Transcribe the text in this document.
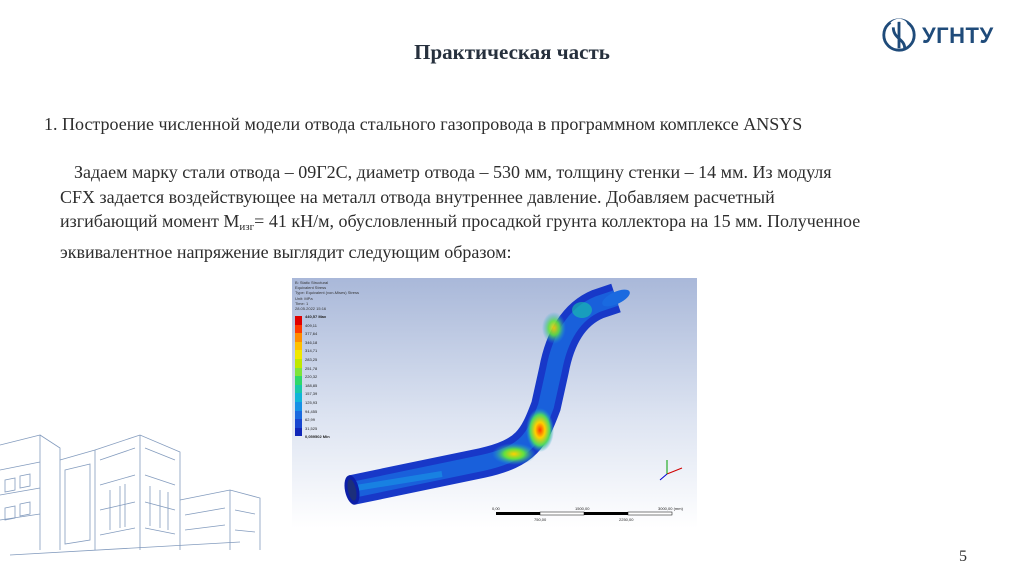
Практическая часть
УГНТУ
1. Построение численной модели отвода стального газопровода в программном комплексе ANSYS
Задаем марку стали отвода – 09Г2С, диаметр отвода – 530 мм, толщину стенки – 14 мм. Из модуля CFX задается воздействующее на металл отвода внутреннее давление. Добавляем расчетный изгибающий момент $М_{изг}= 41$ кН/м, обусловленный просадкой грунта коллектора на 15 мм. Полученное эквивалентное напряжение выглядит следующим образом:
B: Static Structural
Equivalent Stress
Type: Equivalent (von-Mises) Stress
Unit: MPa
Time: 1
28.05.2022 15:16
440,57 Max
409,11
377,64
346,18
314,71
283,25
251,78
220,32
188,85
157,39
125,93
94,455
62,99
31,525
0,059502 Min
0,00	1500,00	3000,00 (mm)
750,00	2250,00
5
